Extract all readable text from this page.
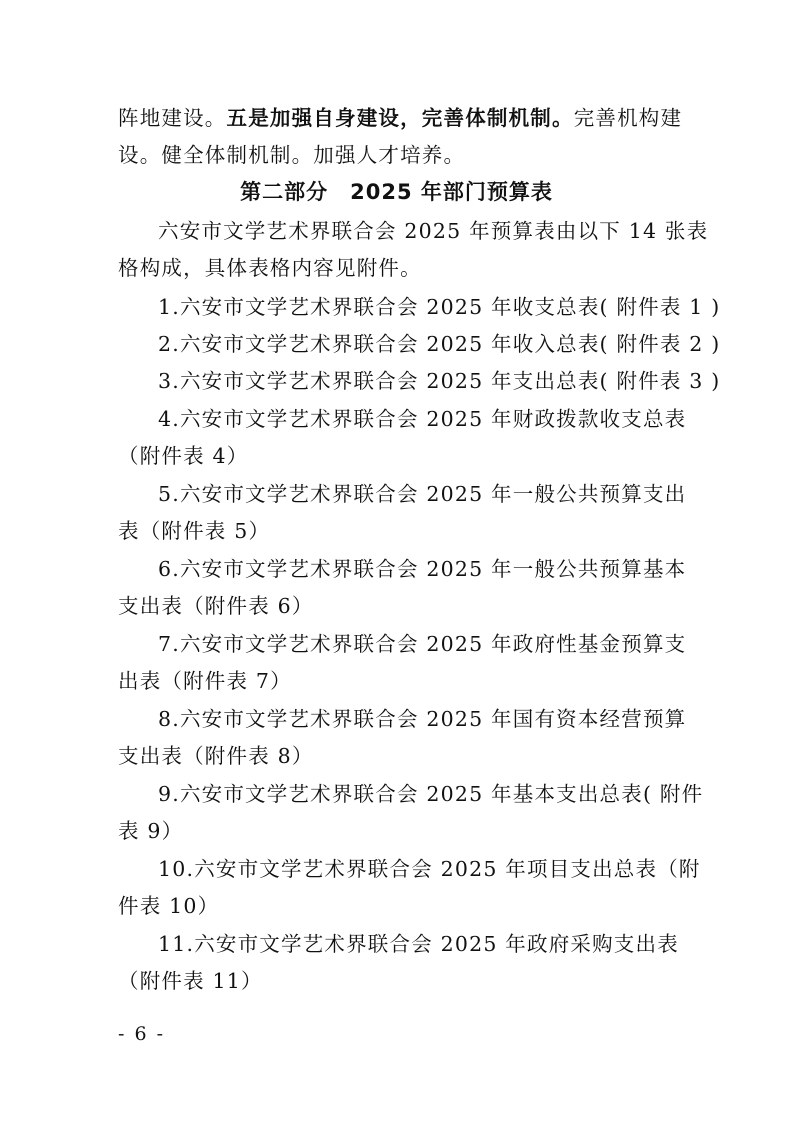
阵地建设。五是加强自身建设，完善体制机制。完善机构建
设。健全体制机制。加强人才培养。
第二部分　2025 年部门预算表
六安市文学艺术界联合会 2025 年预算表由以下 14 张表
格构成，具体表格内容见附件。
1.六安市文学艺术界联合会 2025 年收支总表( 附件表 1 )
2.六安市文学艺术界联合会 2025 年收入总表( 附件表 2 )
3.六安市文学艺术界联合会 2025 年支出总表( 附件表 3 )
4.六安市文学艺术界联合会 2025 年财政拨款收支总表
（附件表 4）
5.六安市文学艺术界联合会 2025 年一般公共预算支出
表（附件表 5）
6.六安市文学艺术界联合会 2025 年一般公共预算基本
支出表（附件表 6）
7.六安市文学艺术界联合会 2025 年政府性基金预算支
出表（附件表 7）
8.六安市文学艺术界联合会 2025 年国有资本经营预算
支出表（附件表 8）
9.六安市文学艺术界联合会 2025 年基本支出总表( 附件
表 9）
10.六安市文学艺术界联合会 2025 年项目支出总表（附
件表 10）
11.六安市文学艺术界联合会 2025 年政府采购支出表
（附件表 11）
- 6 -
